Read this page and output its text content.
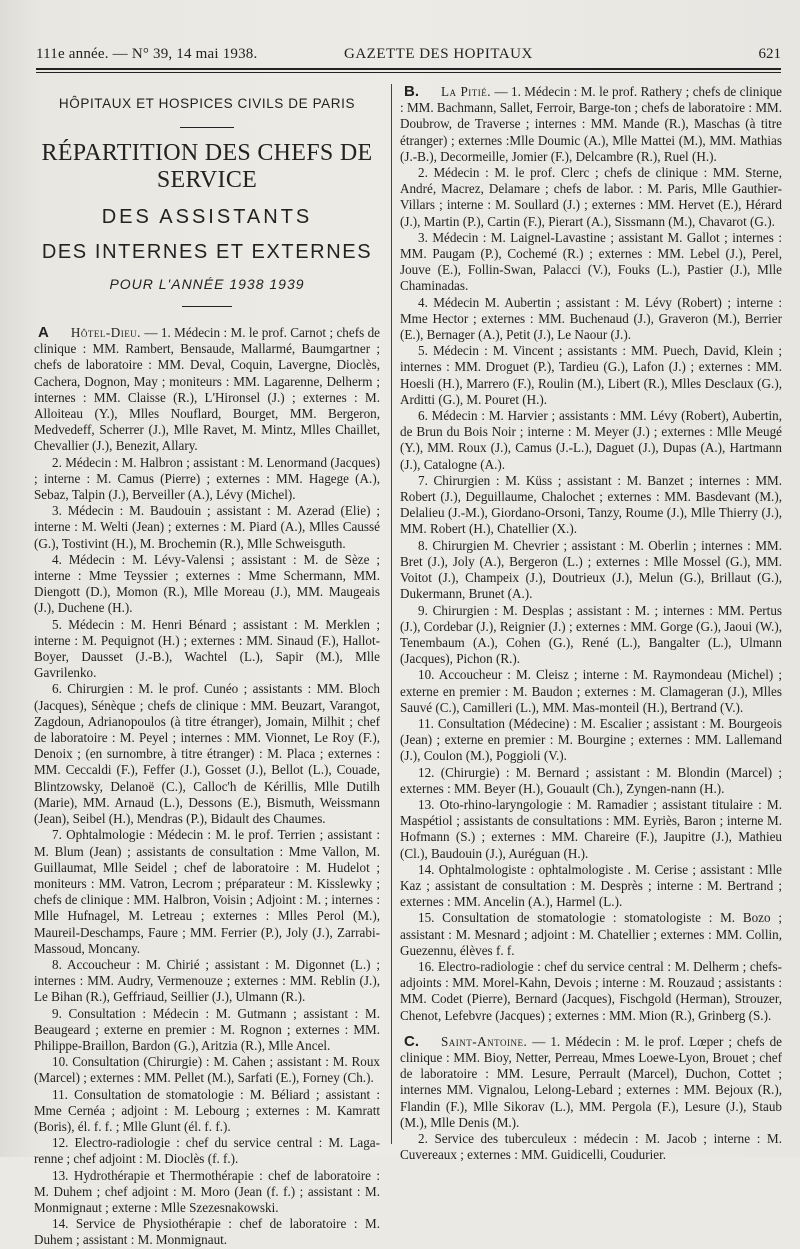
111e année. — N° 39, 14 mai 1938.	GAZETTE DES HOPITAUX	621
HÔPITAUX ET HOSPICES CIVILS DE PARIS
RÉPARTITION DES CHEFS DE SERVICE
DES ASSISTANTS
DES INTERNES ET EXTERNES
POUR L'ANNÉE 1938 1939

A Hôtel-Dieu. — 1. Médecin : M. le prof. Carnot ; chefs de clinique : MM. Rambert, Bensaude, Mallarmé, Baumgartner ; chefs de laboratoire : MM. Deval, Coquin, Lavergne, Dioclès, Cachera, Dognon, May ; moniteurs : MM. Lagarenne, Delherm ; internes : MM. Claisse (R.), L'Hironsel (J.) ; externes : M. Alloiteau (Y.), Mlles Nouflard, Bourget, MM. Bergeron, Medvedeff, Scherrer (J.), Mlle Ravet, M. Mintz, Mlles Chaillet, Chevallier (J.), Benezit, Allary.

2. Médecin : M. Halbron ; assistant : M. Lenormand (Jacques) ; interne : M. Camus (Pierre) ; externes : MM. Hagege (A.), Sebaz, Talpin (J.), Berveiller (A.), Lévy (Michel).

3. Médecin : M. Baudouin ; assistant : M. Azerad (Elie) ; interne : M. Welti (Jean) ; externes : M. Piard (A.), Mlles Caussé (G.), Tostivint (H.), M. Brochemin (R.), Mlle Schweisguth.

4. Médecin : M. Lévy-Valensi ; assistant : M. de Sèze ; interne : Mme Teyssier ; externes : Mme Schermann, MM. Diengott (D.), Momon (R.), Mlle Moreau (J.), MM. Maugeais (J.), Duchene (H.).

5. Médecin : M. Henri Bénard ; assistant : M. Merklen ; interne : M. Pequignot (H.) ; externes : MM. Sinaud (F.), Hallot-Boyer, Dausset (J.-B.), Wachtel (L.), Sapir (M.), Mlle Gavrilenko.

6. Chirurgien : M. le prof. Cunéo ; assistants : MM. Bloch (Jacques), Sénèque ; chefs de clinique : MM. Beuzart, Varangot, Zagdoun, Adrianopoulos (à titre étranger), Jomain, Milhit ; chef de laboratoire : M. Peyel ; internes : MM. Vionnet, Le Roy (F.), Denoix ; (en surnombre, à titre étranger) : M. Placa ; externes : MM. Ceccaldi (F.), Feffer (J.), Gosset (J.), Bellot (L.), Couade, Blintzowsky, Delanoë (C.), Calloc'h de Kérillis, Mlle Dutilh (Marie), MM. Arnaud (L.), Dessons (E.), Bismuth, Weissmann (Jean), Seibel (H.), Mendras (P.), Bidault des Chaumes.

7. Ophtalmologie : Médecin : M. le prof. Terrien ; assistant : M. Blum (Jean) ; assistants de consultation : Mme Vallon, M. Guillaumat, Mlle Seidel ; chef de laboratoire : M. Hudelot ; moniteurs : MM. Vatron, Lecrom ; préparateur : M. Kisslewky ; chefs de clinique : MM. Halbron, Voisin ; Adjoint : M. ; internes : Mlle Hufnagel, M. Letreau ; externes : Mlles Perol (M.), Maureil-Deschamps, Faure ; MM. Ferrier (P.), Joly (J.), Zarrabi-Massoud, Moncany.

8. Accoucheur : M. Chirié ; assistant : M. Digonnet (L.) ; internes : MM. Audry, Vermenouze ; externes : MM. Reblin (J.), Le Bihan (R.), Geffriaud, Seillier (J.), Ulmann (R.).

9. Consultation : Médecin : M. Gutmann ; assistant : M. Beaugeard ; externe en premier : M. Rognon ; externes : MM. Philippe-Braillon, Bardon (G.), Aritzia (R.), Mlle Ancel.

10. Consultation (Chirurgie) : M. Cahen ; assistant : M. Roux (Marcel) ; externes : MM. Pellet (M.), Sarfati (E.), Forney (Ch.).

11. Consultation de stomatologie : M. Béliard ; assistant : Mme Cernéa ; adjoint : M. Lebourg ; externes : M. Kamratt (Boris), él. f. f. ; Mlle Glunt (él. f. f.).

12. Electro-radiologie : chef du service central : M. Laga-renne ; chef adjoint : M. Dioclès (f. f.).

13. Hydrothérapie et Thermothérapie : chef de laboratoire : M. Duhem ; chef adjoint : M. Moro (Jean (f. f.) ; assistant : M. Monmignaut ; externe : Mlle Szezesnakowski.

14. Service de Physiothérapie : chef de laboratoire : M. Duhem ; assistant : M. Monmignaut.

B. La Pitié. — 1. Médecin : M. le prof. Rathery ; chefs de clinique : MM. Bachmann, Sallet, Ferroir, Barge-ton ; chefs de laboratoire : MM. Doubrow, de Traverse ; internes : MM. Mande (R.), Maschas (à titre étranger) ; externes :Mlle Doumic (A.), Mlle Mattei (M.), MM. Mathias (J.-B.), Decormeille, Jomier (F.), Delcambre (R.), Ruel (H.).

2. Médecin : M. le prof. Clerc ; chefs de clinique : MM. Sterne, André, Macrez, Delamare ; chefs de labor. : M. Paris, Mlle Gauthier-Villars ; interne : M. Soullard (J.) ; externes : MM. Hervet (E.), Hérard (J.), Martin (P.), Cartin (F.), Pierart (A.), Sissmann (M.), Chavarot (G.).

3. Médecin : M. Laignel-Lavastine ; assistant M. Gallot ; internes : MM. Paugam (P.), Cochemé (R.) ; externes : MM. Lebel (J.), Perel, Jouve (E.), Follin-Swan, Palacci (V.), Fouks (L.), Pastier (J.), Mlle Chaminadas.

4. Médecin M. Aubertin ; assistant : M. Lévy (Robert) ; interne : Mme Hector ; externes : MM. Buchenaud (J.), Graveron (M.), Berrier (E.), Bernager (A.), Petit (J.), Le Naour (J.).

5. Médecin : M. Vincent ; assistants : MM. Puech, David, Klein ; internes : MM. Droguet (P.), Tardieu (G.), Lafon (J.) ; externes : MM. Hoesli (H.), Marrero (F.), Roulin (M.), Libert (R.), Mlles Desclaux (G.), Arditti (G.), M. Pouret (H.).

6. Médecin : M. Harvier ; assistants : MM. Lévy (Robert), Aubertin, de Brun du Bois Noir ; interne : M. Meyer (J.) ; externes : Mlle Meugé (Y.), MM. Roux (J.), Camus (J.-L.), Daguet (J.), Dupas (A.), Hartmann (J.), Catalogne (A.).

7. Chirurgien : M. Küss ; assistant : M. Banzet ; internes : MM. Robert (J.), Deguillaume, Chalochet ; externes : MM. Basdevant (M.), Delalieu (J.-M.), Giordano-Orsoni, Tanzy, Roume (J.), Mlle Thierry (J.), MM. Robert (H.), Chatellier (X.).

8. Chirurgien M. Chevrier ; assistant : M. Oberlin ; internes : MM. Bret (J.), Joly (A.), Bergeron (L.) ; externes : Mlle Mossel (G.), MM. Voitot (J.), Champeix (J.), Doutrieux (J.), Melun (G.), Brillaut (G.), Dukermann, Brunet (A.).

9. Chirurgien : M. Desplas ; assistant : M. ; internes : MM. Pertus (J.), Cordebar (J.), Reignier (J.) ; externes : MM. Gorge (G.), Jaoui (W.), Tenembaum (A.), Cohen (G.), René (L.), Bangalter (L.), Ulmann (Jacques), Pichon (R.).

10. Accoucheur : M. Cleisz ; interne : M. Raymondeau (Michel) ; externe en premier : M. Baudon ; externes : M. Clamageran (J.), Mlles Sauvé (C.), Camilleri (L.), MM. Mas-monteil (H.), Bertrand (V.).

11. Consultation (Médecine) : M. Escalier ; assistant : M. Bourgeois (Jean) ; externe en premier : M. Bourgine ; externes : MM. Lallemand (J.), Coulon (M.), Poggioli (V.).

12. (Chirurgie) : M. Bernard ; assistant : M. Blondin (Marcel) ; externes : MM. Beyer (H.), Gouault (Ch.), Zyngen-nann (H.).

13. Oto-rhino-laryngologie : M. Ramadier ; assistant titulaire : M. Maspétiol ; assistants de consultations : MM. Eyriès, Baron ; interne M. Hofmann (S.) ; externes : MM. Chareire (F.), Jaupitre (J.), Mathieu (Cl.), Baudouin (J.), Auréguan (H.).

14. Ophtalmologiste : ophtalmologiste . M. Cerise ; assistant : Mlle Kaz ; assistant de consultation : M. Desprès ; interne : M. Bertrand ; externes : MM. Ancelin (A.), Harmel (L.).

15. Consultation de stomatologie : stomatologiste : M. Bozo ; assistant : M. Mesnard ; adjoint : M. Chatellier ; externes : MM. Collin, Guezennu, élèves f. f.

16. Electro-radiologie : chef du service central : M. Delherm ; chefs-adjoints : MM. Morel-Kahn, Devois ; interne : M. Rouzaud ; assistants : MM. Codet (Pierre), Bernard (Jacques), Fischgold (Herman), Strouzer, Chenot, Lefebvre (Jacques) ; externes : MM. Mion (R.), Grinberg (S.).

C. Saint-Antoine. — 1. Médecin : M. le prof. Lœper ; chefs de clinique : MM. Bioy, Netter, Perreau, Mmes Loewe-Lyon, Brouet ; chef de laboratoire : MM. Lesure, Perrault (Marcel), Duchon, Cottet ; internes MM. Vignalou, Lelong-Lebard ; externes : MM. Bejoux (R.), Flandin (F.), Mlle Sikorav (L.), MM. Pergola (F.), Lesure (J.), Staub (M.), Mlle Denis (M.).

2. Service des tuberculeux : médecin : M. Jacob ; interne : M. Cuvereaux ; externes : MM. Guidicelli, Coudurier.
